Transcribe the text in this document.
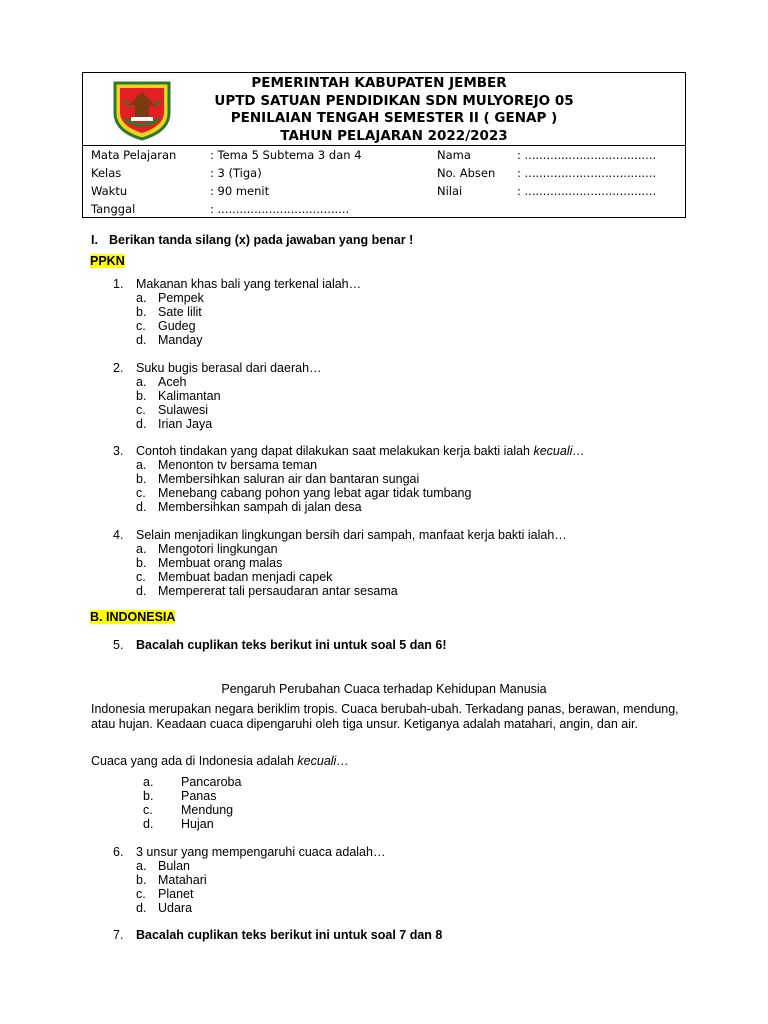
PEMERINTAH KABUPATEN JEMBER
UPTD SATUAN PENDIDIKAN SDN MULYOREJO 05
PENILAIAN TENGAH SEMESTER II ( GENAP )
TAHUN PELAJARAN 2022/2023
Mata Pelajaran	: Tema 5 Subtema 3 dan 4	Nama	: ....................................
Kelas	: 3 (Tiga)	No. Absen : ....................................
Waktu	: 90 menit	Nilai	: ....................................
Tanggal	: ....................................
I. Berikan tanda silang (x) pada jawaban yang benar !
PPKN
1. Makanan khas bali yang terkenal ialah…
a. Pempek
b. Sate lilit
c. Gudeg
d. Manday
2. Suku bugis berasal dari daerah…
a. Aceh
b. Kalimantan
c. Sulawesi
d. Irian Jaya
3. Contoh tindakan yang dapat dilakukan saat melakukan kerja bakti ialah kecuali…
a. Menonton tv bersama teman
b. Membersihkan saluran air dan bantaran sungai
c. Menebang cabang pohon yang lebat agar tidak tumbang
d. Membersihkan sampah di jalan desa
4. Selain menjadikan lingkungan bersih dari sampah, manfaat kerja bakti ialah…
a. Mengotori lingkungan
b. Membuat orang malas
c. Membuat badan menjadi capek
d. Mempererat tali persaudaran antar sesama
B. INDONESIA
5. Bacalah cuplikan teks berikut ini untuk soal 5 dan 6!
Pengaruh Perubahan Cuaca terhadap Kehidupan Manusia
Indonesia merupakan negara beriklim tropis. Cuaca berubah-ubah. Terkadang panas, berawan, mendung, atau hujan. Keadaan cuaca dipengaruhi oleh tiga unsur. Ketiganya adalah matahari, angin, dan air.
Cuaca yang ada di Indonesia adalah kecuali…
a. Pancaroba
b. Panas
c. Mendung
d. Hujan
6. 3 unsur yang mempengaruhi cuaca adalah…
a. Bulan
b. Matahari
c. Planet
d. Udara
7. Bacalah cuplikan teks berikut ini untuk soal 7 dan 8
